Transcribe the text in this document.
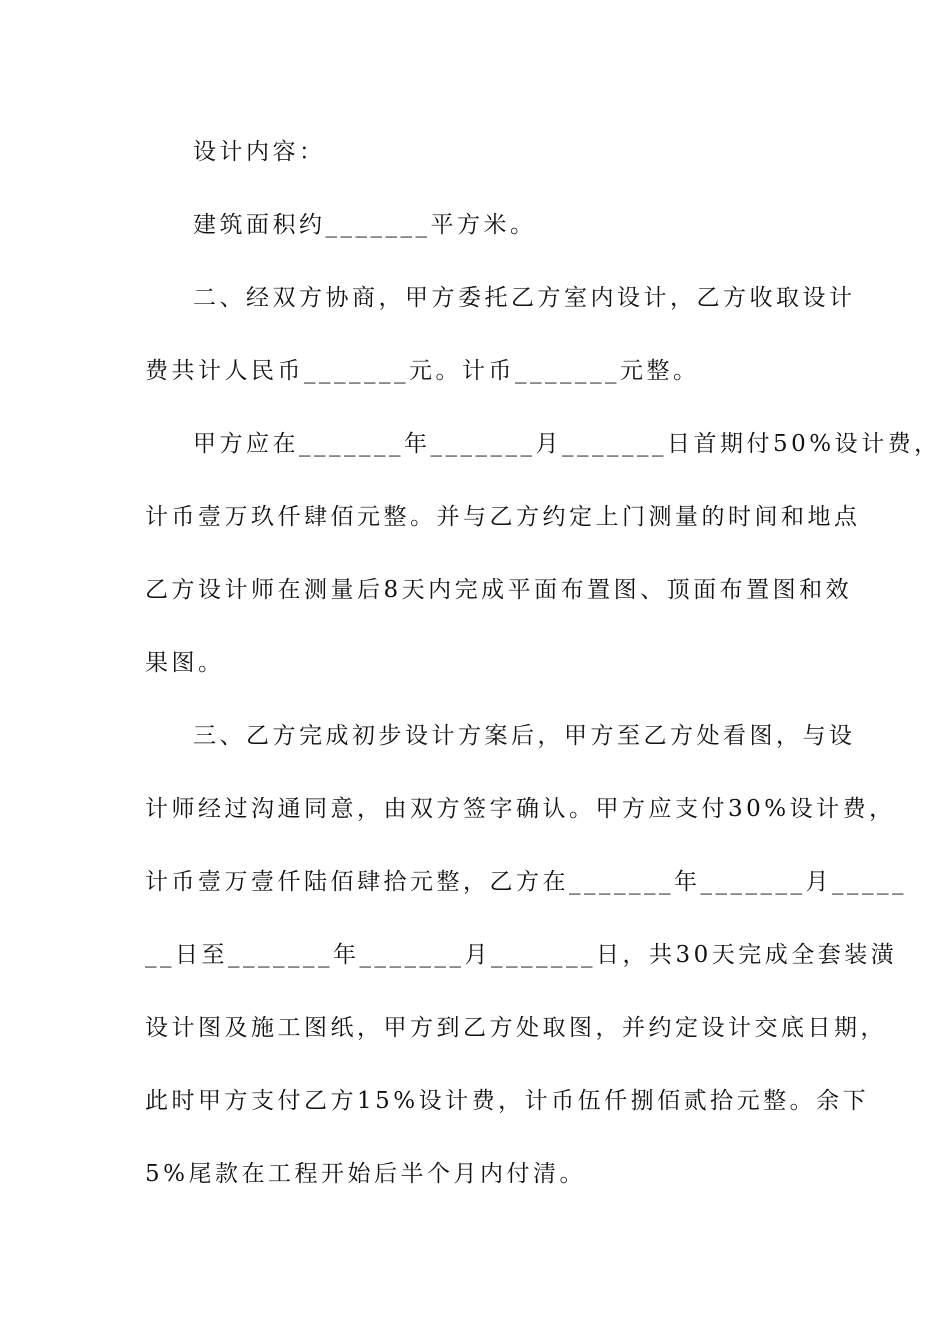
设计内容：
建筑面积约_______平方米。
二、经双方协商，甲方委托乙方室内设计，乙方收取设计
费共计人民币_______元。计币_______元整。
甲方应在_______年_______月_______日首期付50%设计费，
计币壹万玖仟肆佰元整。并与乙方约定上门测量的时间和地点
乙方设计师在测量后8天内完成平面布置图、顶面布置图和效
果图。
三、乙方完成初步设计方案后，甲方至乙方处看图，与设
计师经过沟通同意，由双方签字确认。甲方应支付30%设计费，
计币壹万壹仟陆佰肆拾元整，乙方在_______年_______月_____
__日至_______年_______月_______日，共30天完成全套装潢
设计图及施工图纸，甲方到乙方处取图，并约定设计交底日期，
此时甲方支付乙方15%设计费，计币伍仟捌佰贰拾元整。余下
5%尾款在工程开始后半个月内付清。
